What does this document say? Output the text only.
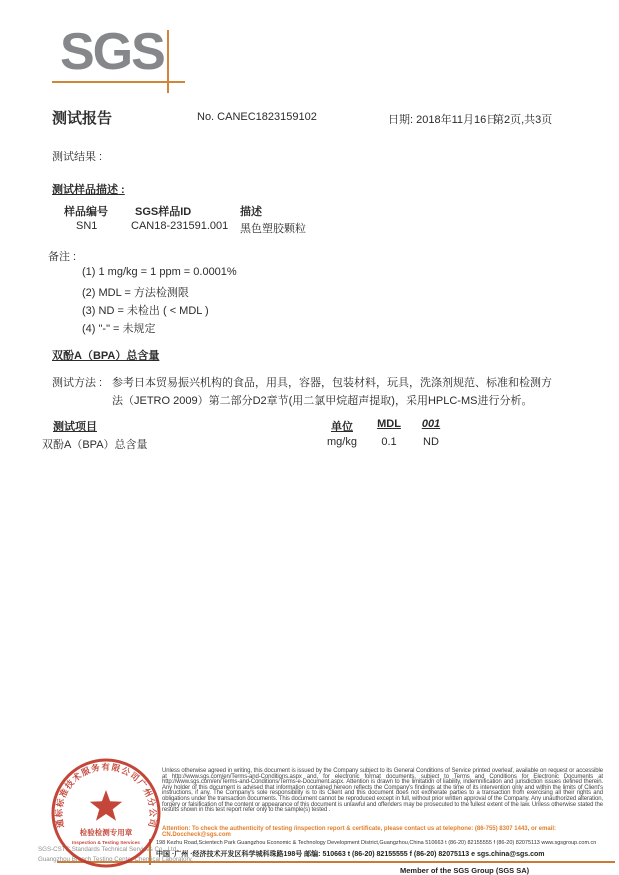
SGS
测试报告	No. CANEC1823159102	日期: 2018年11月16日
第2页,共3页
测试结果 :
测试样品描述 :
样品编号 SGS样品ID	描述
SN1	CAN18-231591.001 黑色塑胶颗粒
备注 :
(1) 1 mg/kg = 1 ppm = 0.0001%
(2) MDL = 方法检测限
(3) ND = 未检出 ( < MDL )
(4) "-" = 未规定
双酚A（BPA）总含量
测试方法 : 参考日本贸易振兴机构的食品，用具，容器，包装材料，玩具，洗涤剂规范、标准和检测方法（JETRO 2009）第二部分D2章节(用二氯甲烷超声提取)，采用HPLC-MS进行分析。
测试项目	单位 MDL 001
双酚A（BPA）总含量	mg/kg 0.1 ND
通标标准技术服务有限公司广州分公司
检验检测专用章
Inspection & Testing Services
SGS-CSTC Standards Technical Services Co., Ltd.
Guangzhou Branch Testing Center Chemical Laboratory.
Unless otherwise agreed in writing, this document is issued by the Company subject to its General Conditions of Service printed overleaf, available on request or accessible at http://www.sgs.com/en/Terms-and-Conditions.aspx and, for electronic format documents, subject to Terms and Conditions for Electronic Documents at http://www.sgs.com/en/Terms-and-Conditions/Terms-e-Document.aspx. Attention is drawn to the limitation of liability, indemnification and jurisdiction issues defined therein. Any holder of this document is advised that information contained hereon reflects the Company's findings at the time of its intervention only and within the limits of Client's instructions, if any. The Company's sole responsibility is to its Client and this document does not exonerate parties to a transaction from exercising all their rights and obligations under the transaction documents. This document cannot be reproduced except in full, without prior written approval of the Company. Any unauthorized alteration, forgery or falsification of the content or appearance of this document is unlawful and offenders may be prosecuted to the fullest extent of the law. Unless otherwise stated the results shown in this test report refer only to the sample(s) tested .
Attention: To check the authenticity of testing /inspection report & certificate, please contact us at telephone: (86-755) 8307 1443, or email: CN.Doccheck@sgs.com
198 Kezhu Road,Scientech Park Guangzhou Economic & Technology Development District,Guangzhou,China 510663 t (86-20) 82155555 f (86-20) 82075113 www.sgsgroup.com.cn
中国 ·广州 ·经济技术开发区科学城科珠路198号 邮编: 510663 t (86-20) 82155555 f (86-20) 82075113 e sgs.china@sgs.com
Member of the SGS Group (SGS SA)
